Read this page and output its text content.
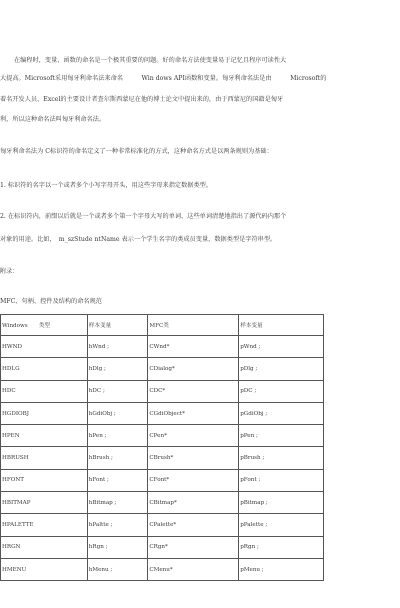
在编程时，变量、函数的命名是一个极其重要的问题。好的命名方法使变量易于记忆且程序可读性大
大提高。Microsoft采用匈牙利命名法来命名　　　Win dows API函数和变量。匈牙利命名法是由　　　Microsoft的
着名开发人员、Excel的主要设计者查尔斯西蒙尼在他的博士论文中提出来的，由于西蒙尼的国籍是匈牙
利，所以这种命名法叫匈牙利命名法。
匈牙利命名法为 C标识符的命名定义了一种非常标准化的方式，这种命名方式是以两条规则为基础：
1. 标识符的名字以一个或者多个小写字母开头，用这些字母来指定数据类型。
2. 在标识符内，前缀以后就是一个或者多个第一个字母大写的单词，这些单词清楚地指出了源代码内那个
对象的用途。比如，　m_szStude ntName 表示一个学生名字的类成员变量，数据类型是字符串型。
附录：
MFC、句柄、控件及结构的命名规范
Windows　　类型	样本变量	MFC类	样本变量
HWND	hWnd ;	CWnd*	pWnd ;
HDLG	hDlg ;	CDialog*	pDlg ;
HDC	hDC ;	CDC*	pDC ;
HGDIOBJ	hGdiObj ;	CGdiObject*	pGdiObj ;
HPEN	hPen ;	CPen*	pPen ;
HBRUSH	hBrush ;	CBrush*	pBrush ;
HFONT	hFont ;	CFont*	pFont ;
HBITMAP	hBitmap ;	CBitmap*	pBitmap ;
HPALETTE	hPaltte ;	CPalette*	pPalette ;
HRGN	hRgn ;	CRgn*	pRgn ;
HMENU	hMenu ;	CMenu*	pMenu ;
